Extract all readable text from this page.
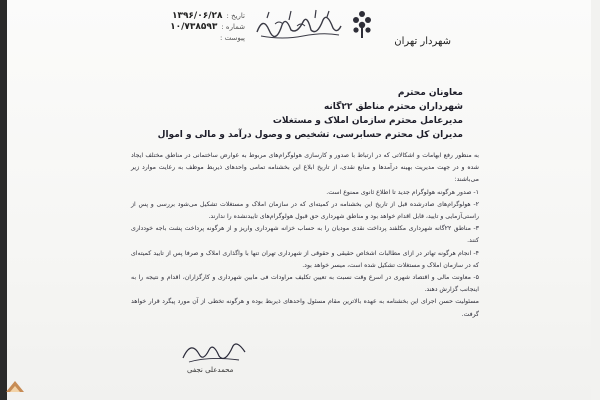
تاریخ :
۱۳۹۶/۰۶/۲۸
شماره :
۱۰/۷۳۸۵۹۳
پیوست :	شهردار تهران
معاونان محترم
شهرداران محترم مناطق ۲۲گانه
مدیرعامل محترم سازمان املاک و مستغلات
مدیران کل محترم حسابرسی، تشخیص و وصول درآمد و مالی و اموال

به منظور رفع ابهامات و اشکالاتی که در ارتباط با صدور و کارسازی هولوگرام‌های مربوط به عوارض ساختمانی در مناطق مختلف ایجاد شده و در جهت مدیریت بهینه درآمدها و منابع نقدی، از تاریخ ابلاغ این بخشنامه تمامی واحدهای ذیربط موظف به رعایت موارد زیر می‌باشند:

۱- صدور هرگونه هولوگرام جدید تا اطلاع ثانوی ممنوع است.

۲- هولوگرام‌های صادرشده قبل از تاریخ این بخشنامه در کمیته‌ای که در سازمان املاک و مستغلات تشکیل می‌شود بررسی و پس از راستی‌آزمایی و تایید، قابل اقدام خواهد بود و مناطق شهرداری حق قبول هولوگرام‌های تاییدنشده را ندارند.

۳- مناطق ۲۲گانه شهرداری مکلفند پرداخت نقدی مودیان را به حساب خزانه شهرداری واریز و از هرگونه پرداخت پشت باجه خودداری کنند.

۴- انجام هرگونه تهاتر در ازای مطالبات اشخاص حقیقی و حقوقی از شهرداری تهران تنها با واگذاری املاک و صرفا پس از تایید کمیته‌ای که در سازمان املاک و مستغلات تشکیل شده است، میسر خواهد بود.

۵- معاونت مالی و اقتصاد شهری در اسرع وقت نسبت به تعیین تکلیف مراودات فی مابین شهرداری و کارگزاران، اقدام و نتیجه را به اینجانب گزارش دهند.

مسئولیت حسن اجرای این بخشنامه به عهده بالاترین مقام مسئول واحدهای ذیربط بوده و هرگونه تخطی از آن مورد پیگرد قرار خواهد گرفت.

محمدعلی نجفی
